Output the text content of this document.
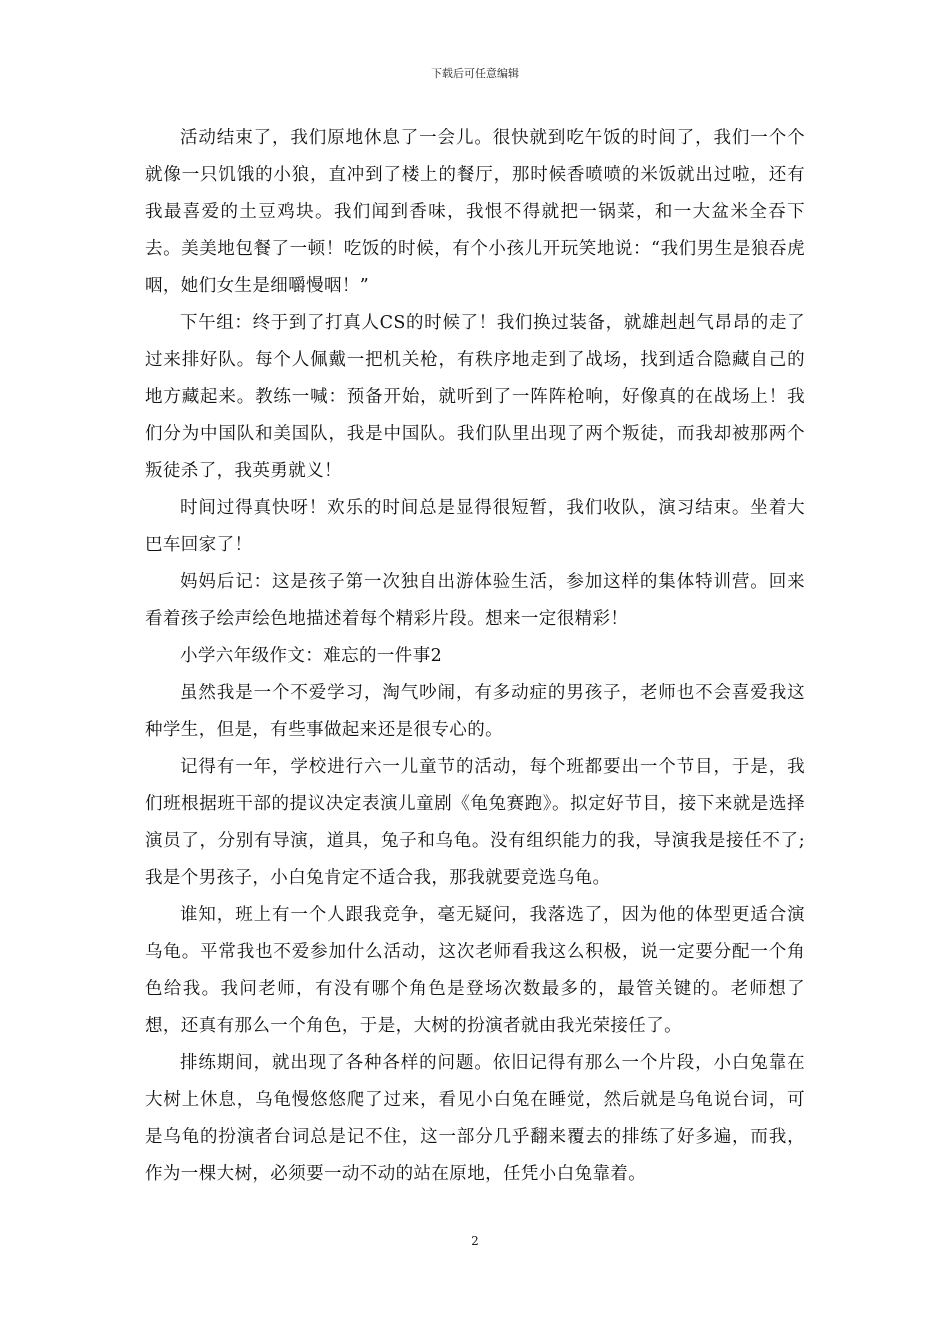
下载后可任意编辑

活动结束了，我们原地休息了一会儿。很快就到吃午饭的时间了，我们一个个就像一只饥饿的小狼，直冲到了楼上的餐厅，那时候香喷喷的米饭就出过啦，还有我最喜爱的土豆鸡块。我们闻到香味，我恨不得就把一锅菜，和一大盆米全吞下去。美美地包餐了一顿！吃饭的时候，有个小孩儿开玩笑地说：“我们男生是狼吞虎咽，她们女生是细嚼慢咽！”

下午组：终于到了打真人CS的时候了！我们换过装备，就雄赳赳气昂昂的走了过来排好队。每个人佩戴一把机关枪，有秩序地走到了战场，找到适合隐藏自己的地方藏起来。教练一喊：预备开始，就听到了一阵阵枪响，好像真的在战场上！我们分为中国队和美国队，我是中国队。我们队里出现了两个叛徒，而我却被那两个叛徒杀了，我英勇就义！

时间过得真快呀！欢乐的时间总是显得很短暂，我们收队，演习结束。坐着大巴车回家了！

妈妈后记：这是孩子第一次独自出游体验生活，参加这样的集体特训营。回来看着孩子绘声绘色地描述着每个精彩片段。想来一定很精彩！

小学六年级作文：难忘的一件事2

虽然我是一个不爱学习，淘气吵闹，有多动症的男孩子，老师也不会喜爱我这种学生，但是，有些事做起来还是很专心的。

记得有一年，学校进行六一儿童节的活动，每个班都要出一个节目，于是，我们班根据班干部的提议决定表演儿童剧《龟兔赛跑》。拟定好节目，接下来就是选择演员了，分别有导演，道具，兔子和乌龟。没有组织能力的我，导演我是接任不了;我是个男孩子，小白兔肯定不适合我，那我就要竞选乌龟。

谁知，班上有一个人跟我竞争，毫无疑问，我落选了，因为他的体型更适合演乌龟。平常我也不爱参加什么活动，这次老师看我这么积极，说一定要分配一个角色给我。我问老师，有没有哪个角色是登场次数最多的，最管关键的。老师想了想，还真有那么一个角色，于是，大树的扮演者就由我光荣接任了。

排练期间，就出现了各种各样的问题。依旧记得有那么一个片段，小白兔靠在大树上休息，乌龟慢悠悠爬了过来，看见小白兔在睡觉，然后就是乌龟说台词，可是乌龟的扮演者台词总是记不住，这一部分几乎翻来覆去的排练了好多遍，而我，作为一棵大树，必须要一动不动的站在原地，任凭小白兔靠着。

2
